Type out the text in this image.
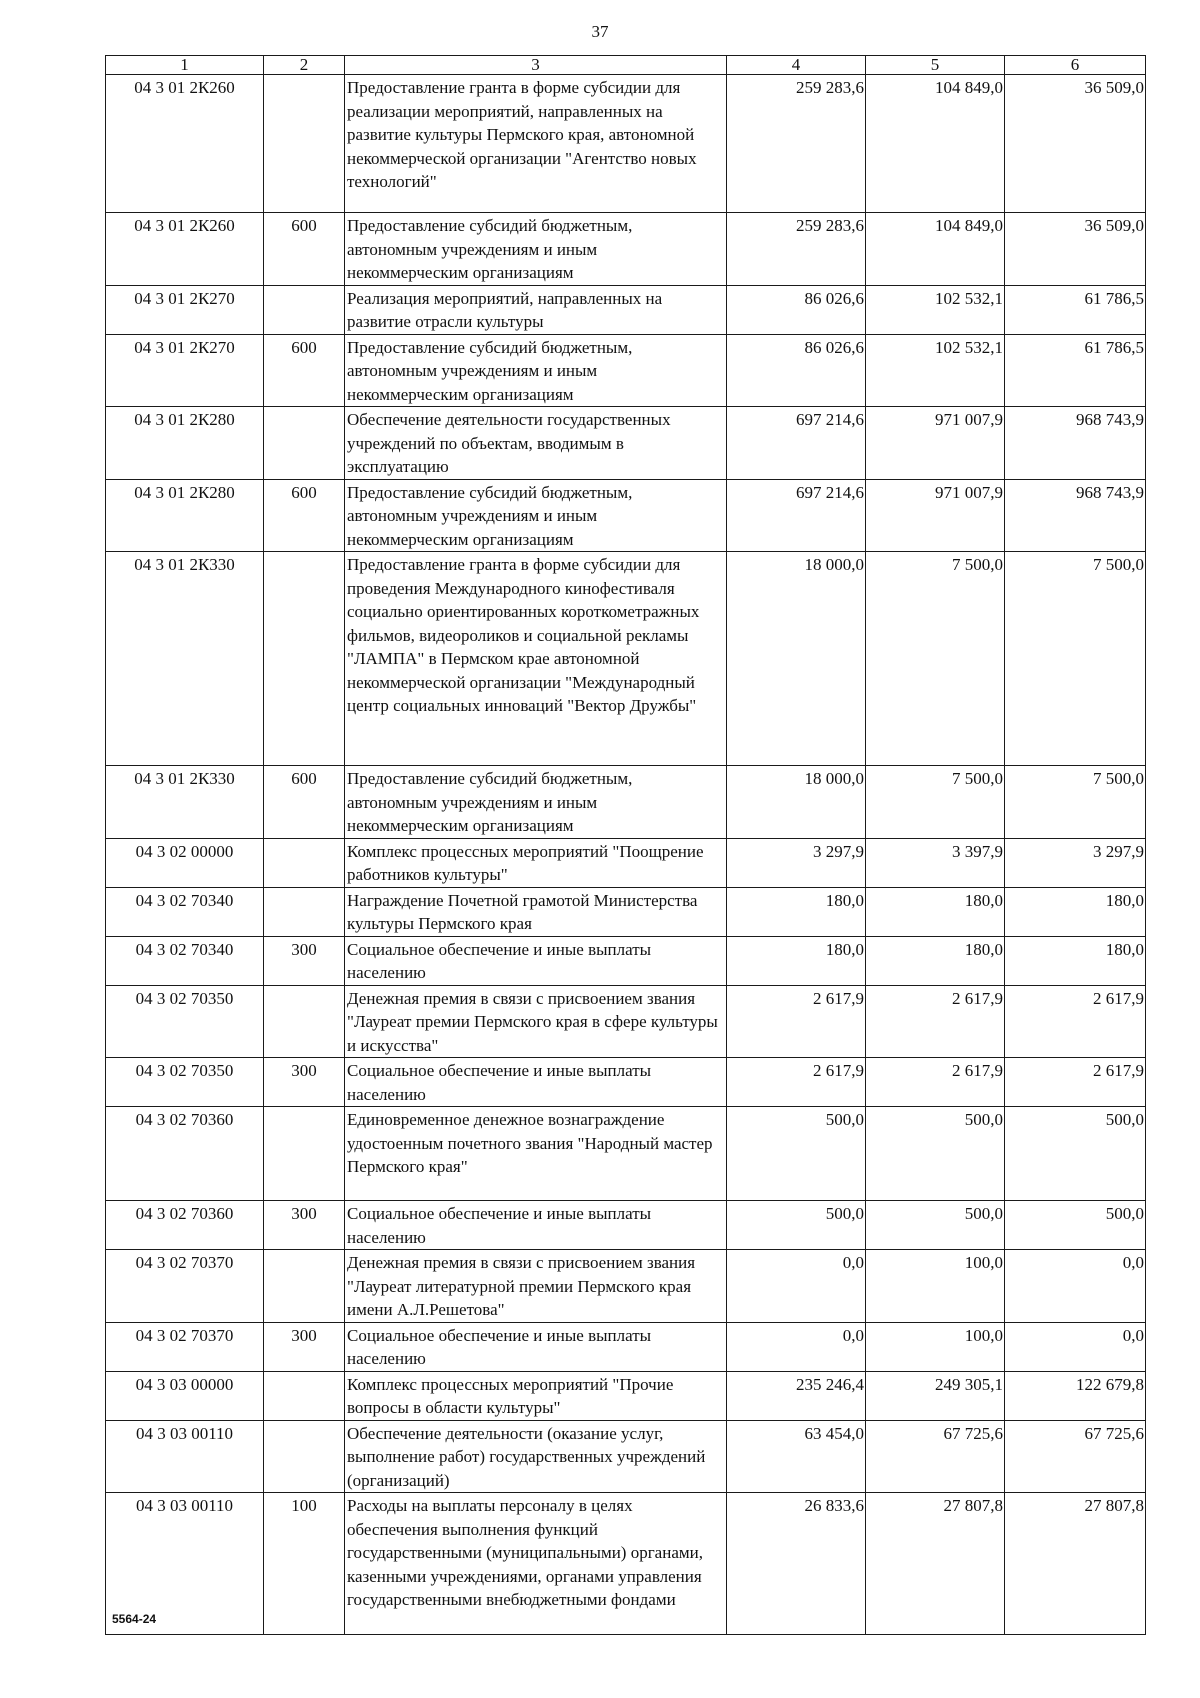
37
1	2	3	4	5	6
04 3 01 2К260		Предоставление гранта в форме субсидии для реализации мероприятий, направленных на развитие культуры Пермского края, автономной некоммерческой организации "Агентство новых технологий"	259 283,6	104 849,0	36 509,0
04 3 01 2К260	600	Предоставление субсидий бюджетным, автономным учреждениям и иным некоммерческим организациям	259 283,6	104 849,0	36 509,0
04 3 01 2К270		Реализация мероприятий, направленных на развитие отрасли культуры	86 026,6	102 532,1	61 786,5
04 3 01 2К270	600	Предоставление субсидий бюджетным, автономным учреждениям и иным некоммерческим организациям	86 026,6	102 532,1	61 786,5
04 3 01 2К280		Обеспечение деятельности государственных учреждений по объектам, вводимым в эксплуатацию	697 214,6	971 007,9	968 743,9
04 3 01 2К280	600	Предоставление субсидий бюджетным, автономным учреждениям и иным некоммерческим организациям	697 214,6	971 007,9	968 743,9
04 3 01 2К330		Предоставление гранта в форме субсидии для проведения Международного кинофестиваля социально ориентированных короткометражных фильмов, видеороликов и социальной рекламы "ЛАМПА" в Пермском крае автономной некоммерческой организации "Международный центр социальных инноваций "Вектор Дружбы"	18 000,0	7 500,0	7 500,0
04 3 01 2К330	600	Предоставление субсидий бюджетным, автономным учреждениям и иным некоммерческим организациям	18 000,0	7 500,0	7 500,0
04 3 02 00000		Комплекс процессных мероприятий "Поощрение работников культуры"	3 297,9	3 397,9	3 297,9
04 3 02 70340		Награждение Почетной грамотой Министерства культуры Пермского края	180,0	180,0	180,0
04 3 02 70340	300	Социальное обеспечение и иные выплаты населению	180,0	180,0	180,0
04 3 02 70350		Денежная премия в связи с присвоением звания "Лауреат премии Пермского края в сфере культуры и искусства"	2 617,9	2 617,9	2 617,9
04 3 02 70350	300	Социальное обеспечение и иные выплаты населению	2 617,9	2 617,9	2 617,9
04 3 02 70360		Единовременное денежное вознаграждение удостоенным почетного звания "Народный мастер Пермского края"	500,0	500,0	500,0
04 3 02 70360	300	Социальное обеспечение и иные выплаты населению	500,0	500,0	500,0
04 3 02 70370		Денежная премия в связи с присвоением звания "Лауреат литературной премии Пермского края имени А.Л.Решетова"	0,0	100,0	0,0
04 3 02 70370	300	Социальное обеспечение и иные выплаты населению	0,0	100,0	0,0
04 3 03 00000		Комплекс процессных мероприятий "Прочие вопросы в области культуры"	235 246,4	249 305,1	122 679,8
04 3 03 00110		Обеспечение деятельности (оказание услуг, выполнение работ) государственных учреждений (организаций)	63 454,0	67 725,6	67 725,6
04 3 03 00110	100	Расходы на выплаты персоналу в целях обеспечения выполнения функций государственными (муниципальными) органами, казенными учреждениями, органами управления государственными внебюджетными фондами	26 833,6	27 807,8	27 807,8
5564-24
